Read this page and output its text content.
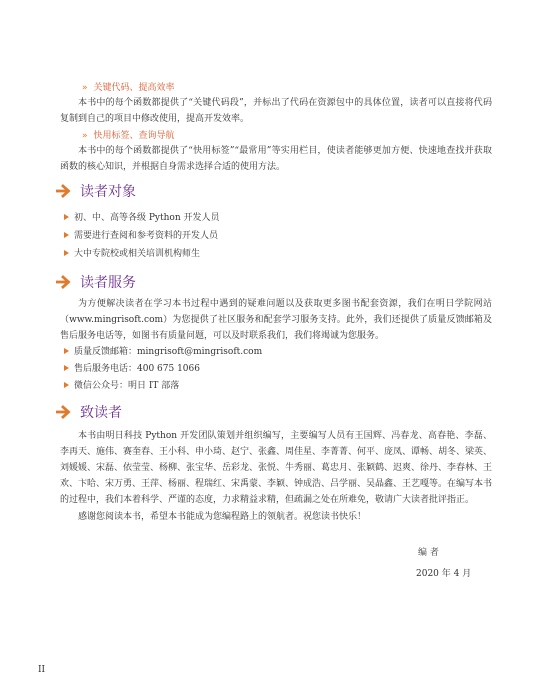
» 关键代码、提高效率

本书中的每个函数都提供了“关键代码段”，并标出了代码在资源包中的具体位置，读者可以直接将代码复制到自己的项目中修改使用，提高开发效率。

» 快用标签、查询导航

本书中的每个函数都提供了“快用标签”“最常用”等实用栏目，使读者能够更加方便、快速地查找并获取函数的核心知识，并根据自身需求选择合适的使用方法。

读者对象
初、中、高等各级 Python 开发人员
需要进行查阅和参考资料的开发人员
大中专院校或相关培训机构师生
读者服务

为方便解决读者在学习本书过程中遇到的疑难问题以及获取更多图书配套资源，我们在明日学院网站（www.mingrisoft.com）为您提供了社区服务和配套学习服务支持。此外，我们还提供了质量反馈邮箱及售后服务电话等，如图书有质量问题，可以及时联系我们，我们将竭诚为您服务。

质量反馈邮箱：mingrisoft@mingrisoft.com
售后服务电话：400 675 1066
微信公众号：明日 IT 部落
致读者

本书由明日科技 Python 开发团队策划并组织编写，主要编写人员有王国辉、冯春龙、高春艳、李磊、李再天、施伟、赛奎春、王小科、申小琦、赵宁、张鑫、周佳星、李菁菁、何平、庞凤、谭畅、胡冬、梁英、刘媛媛、宋磊、依莹莹、杨柳、张宝华、岳彩龙、张悦、牛秀丽、葛忠月、张颖鹤、迟爽、徐丹、李春林、王欢、卞哈、宋万勇、王萍、杨丽、程瑞红、宋禹蒙、李颖、钟成浩、吕学丽、吴晶鑫、王艺嘎等。在编写本书的过程中，我们本着科学、严谨的态度，力求精益求精，但疏漏之处在所难免，敬请广大读者批评指正。

感谢您阅读本书，希望本书能成为您编程路上的领航者。祝您读书快乐！

编 者
2020 年 4 月
II
